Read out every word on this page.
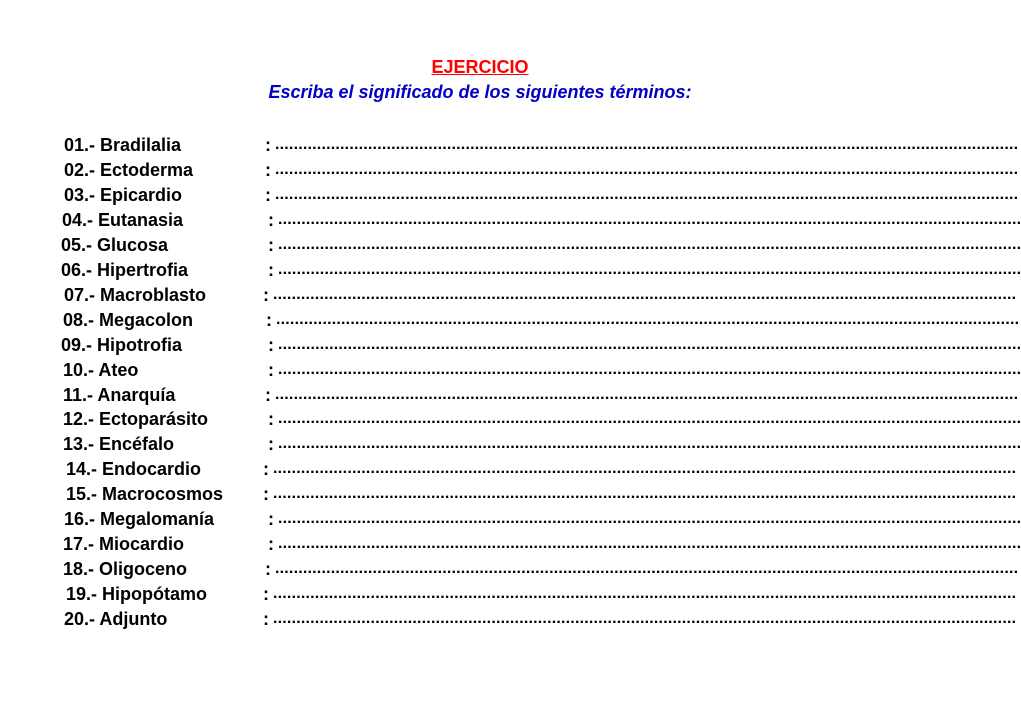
EJERCICIO
Escriba el significado de los siguientes términos:
01.- Bradilalia	: ................................................................................................................................................................
02.- Ectoderma	: ................................................................................................................................................................
03.- Epicardio	: ................................................................................................................................................................
04.- Eutanasia	: ................................................................................................................................................................
05.- Glucosa	: ................................................................................................................................................................
06.- Hipertrofia	: ................................................................................................................................................................
07.- Macroblasto	: ................................................................................................................................................................
08.- Megacolon	: ................................................................................................................................................................
09.- Hipotrofia	: ................................................................................................................................................................
10.- Ateo	: ................................................................................................................................................................
11.- Anarquía	: ................................................................................................................................................................
12.- Ectoparásito	: ................................................................................................................................................................
13.- Encéfalo	: ................................................................................................................................................................
14.- Endocardio	: ................................................................................................................................................................
15.- Macrocosmos : ................................................................................................................................................................
16.- Megalomanía	: ................................................................................................................................................................
17.- Miocardio	: ................................................................................................................................................................
18.- Oligoceno	: ................................................................................................................................................................
19.- Hipopótamo	: ................................................................................................................................................................
20.- Adjunto	: ................................................................................................................................................................
